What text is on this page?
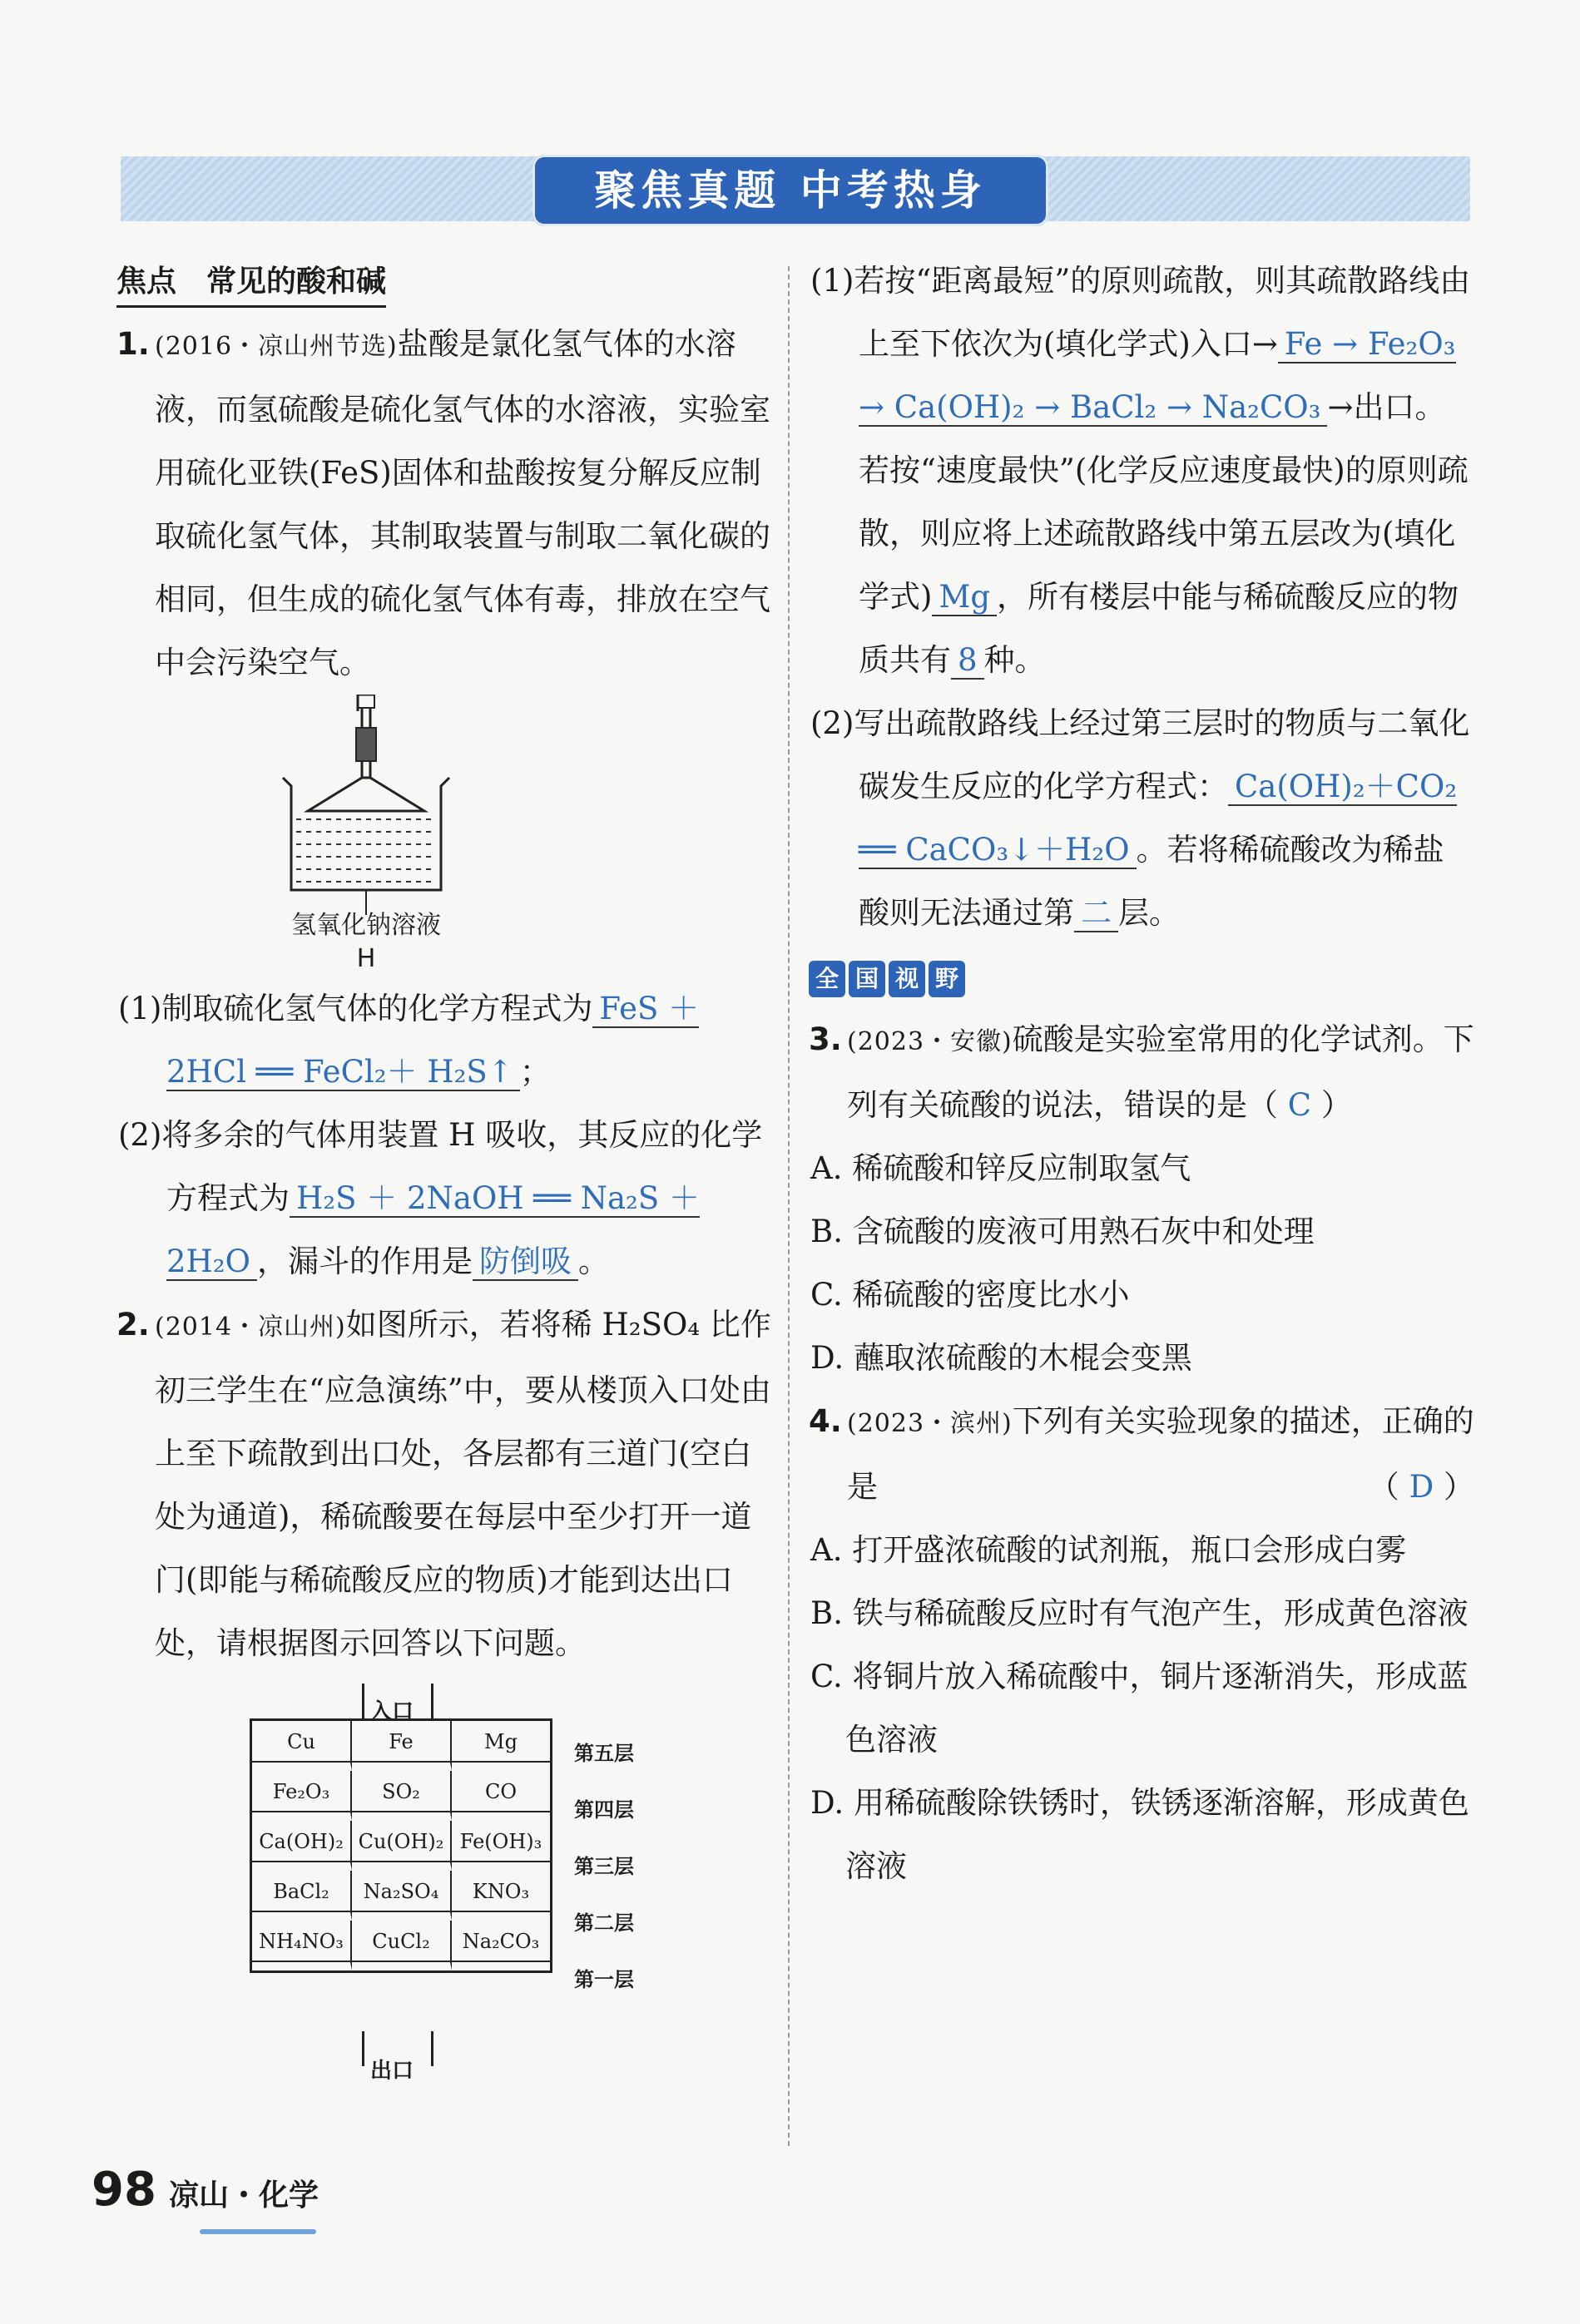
聚焦真题 中考热身
焦点　常见的酸和碱
1. (2016・凉山州节选)盐酸是氯化氢气体的水溶液，而氢硫酸是硫化氢气体的水溶液，实验室用硫化亚铁(FeS)固体和盐酸按复分解反应制取硫化氢气体，其制取装置与制取二氧化碳的相同，但生成的硫化氢气体有毒，排放在空气中会污染空气。
氢氧化钠溶液
H
(1)制取硫化氢气体的化学方程式为 FeS ＋ 2HCl ══ FeCl₂＋ H₂S↑ ；
(2)将多余的气体用装置 H 吸收，其反应的化学方程式为 H₂S ＋ 2NaOH ══ Na₂S ＋ 2H₂O ，漏斗的作用是 防倒吸 。
2. (2014・凉山州)如图所示，若将稀 H₂SO₄ 比作初三学生在“应急演练”中，要从楼顶入口处由上至下疏散到出口处，各层都有三道门(空白处为通道)，稀硫酸要在每层中至少打开一道门(即能与稀硫酸反应的物质)才能到达出口处，请根据图示回答以下问题。
入口
Cu	Fe	Mg
Fe₂O₃	SO₂	CO
Ca(OH)₂	Cu(OH)₂	Fe(OH)₃
BaCl₂	Na₂SO₄	KNO₃
NH₄NO₃	CuCl₂	Na₂CO₃
第五层
第四层
第三层
第二层
第一层
出口
(1)若按“距离最短”的原则疏散，则其疏散路线由上至下依次为(填化学式)入口→ Fe → Fe₂O₃ → Ca(OH)₂ → BaCl₂ → Na₂CO₃ →出口。若按“速度最快”(化学反应速度最快)的原则疏散，则应将上述疏散路线中第五层改为(填化学式) Mg ，所有楼层中能与稀硫酸反应的物质共有 8 种。
(2)写出疏散路线上经过第三层时的物质与二氧化碳发生反应的化学方程式： Ca(OH)₂＋CO₂ ══ CaCO₃↓＋H₂O 。若将稀硫酸改为稀盐酸则无法通过第 二 层。
全 国 视 野
3. (2023・安徽)硫酸是实验室常用的化学试剂。下列有关硫酸的说法，错误的是（ C ）
A. 稀硫酸和锌反应制取氢气
B. 含硫酸的废液可用熟石灰中和处理
C. 稀硫酸的密度比水小
D. 蘸取浓硫酸的木棍会变黑
4. (2023・滨州)下列有关实验现象的描述，正确的是	（ D ）
A. 打开盛浓硫酸的试剂瓶，瓶口会形成白雾
B. 铁与稀硫酸反应时有气泡产生，形成黄色溶液
C. 将铜片放入稀硫酸中，铜片逐渐消失，形成蓝色溶液
D. 用稀硫酸除铁锈时，铁锈逐渐溶解，形成黄色溶液
98 凉山・化学
